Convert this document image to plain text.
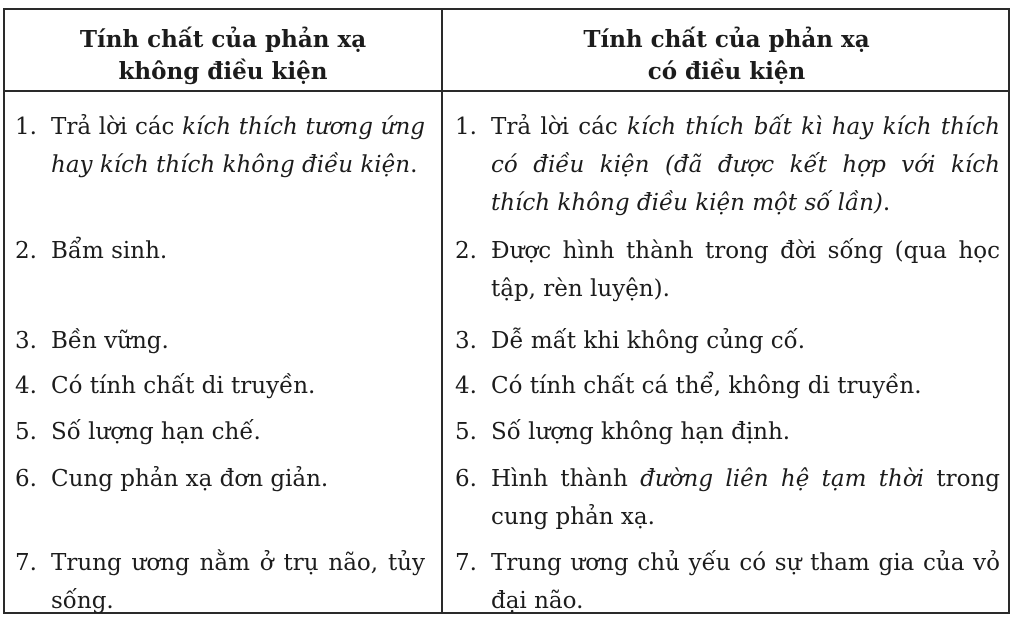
Tính chất của phản xạ
không điều kiện
Tính chất của phản xạ
có điều kiện
1. Trả lời các kích thích tương ứng hay kích thích không điều kiện.
2. Bẩm sinh.
3. Bền vững.
4. Có tính chất di truyền.
5. Số lượng hạn chế.
6. Cung phản xạ đơn giản.
7. Trung ương nằm ở trụ não, tủy sống.
1. Trả lời các kích thích bất kì hay kích thích có điều kiện (đã được kết hợp với kích thích không điều kiện một số lần).
2. Được hình thành trong đời sống (qua học tập, rèn luyện).
3. Dễ mất khi không củng cố.
4. Có tính chất cá thể, không di truyền.
5. Số lượng không hạn định.
6. Hình thành đường liên hệ tạm thời trong cung phản xạ.
7. Trung ương chủ yếu có sự tham gia của vỏ đại não.
